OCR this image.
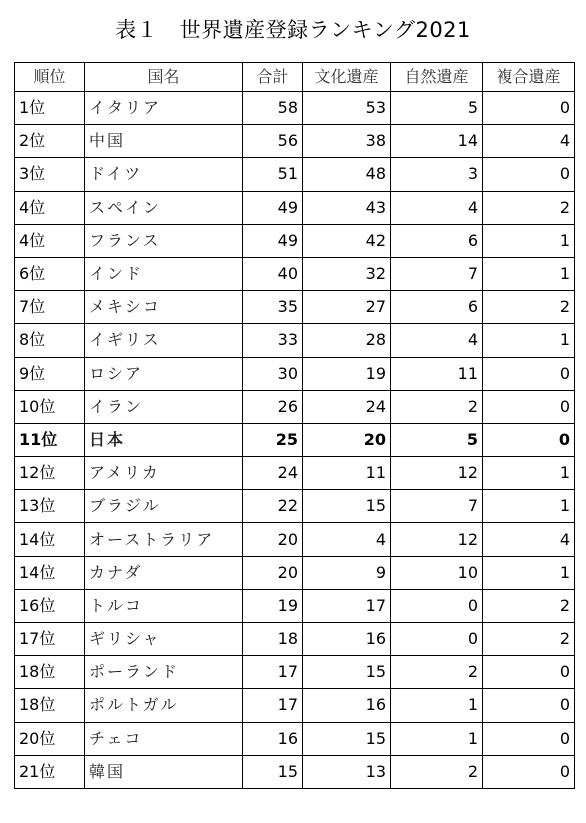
表１　世界遺産登録ランキング2021
順位	国名	合計	文化遺産	自然遺産	複合遺産
1位	イタリア	58	53	5	0
2位	中国	56	38	14	4
3位	ドイツ	51	48	3	0
4位	スペイン	49	43	4	2
4位	フランス	49	42	6	1
6位	インド	40	32	7	1
7位	メキシコ	35	27	6	2
8位	イギリス	33	28	4	1
9位	ロシア	30	19	11	0
10位	イラン	26	24	2	0
11位	日本	25	20	5	0
12位	アメリカ	24	11	12	1
13位	ブラジル	22	15	7	1
14位	オーストラリア	20	4	12	4
14位	カナダ	20	9	10	1
16位	トルコ	19	17	0	2
17位	ギリシャ	18	16	0	2
18位	ポーランド	17	15	2	0
18位	ポルトガル	17	16	1	0
20位	チェコ	16	15	1	0
21位	韓国	15	13	2	0
